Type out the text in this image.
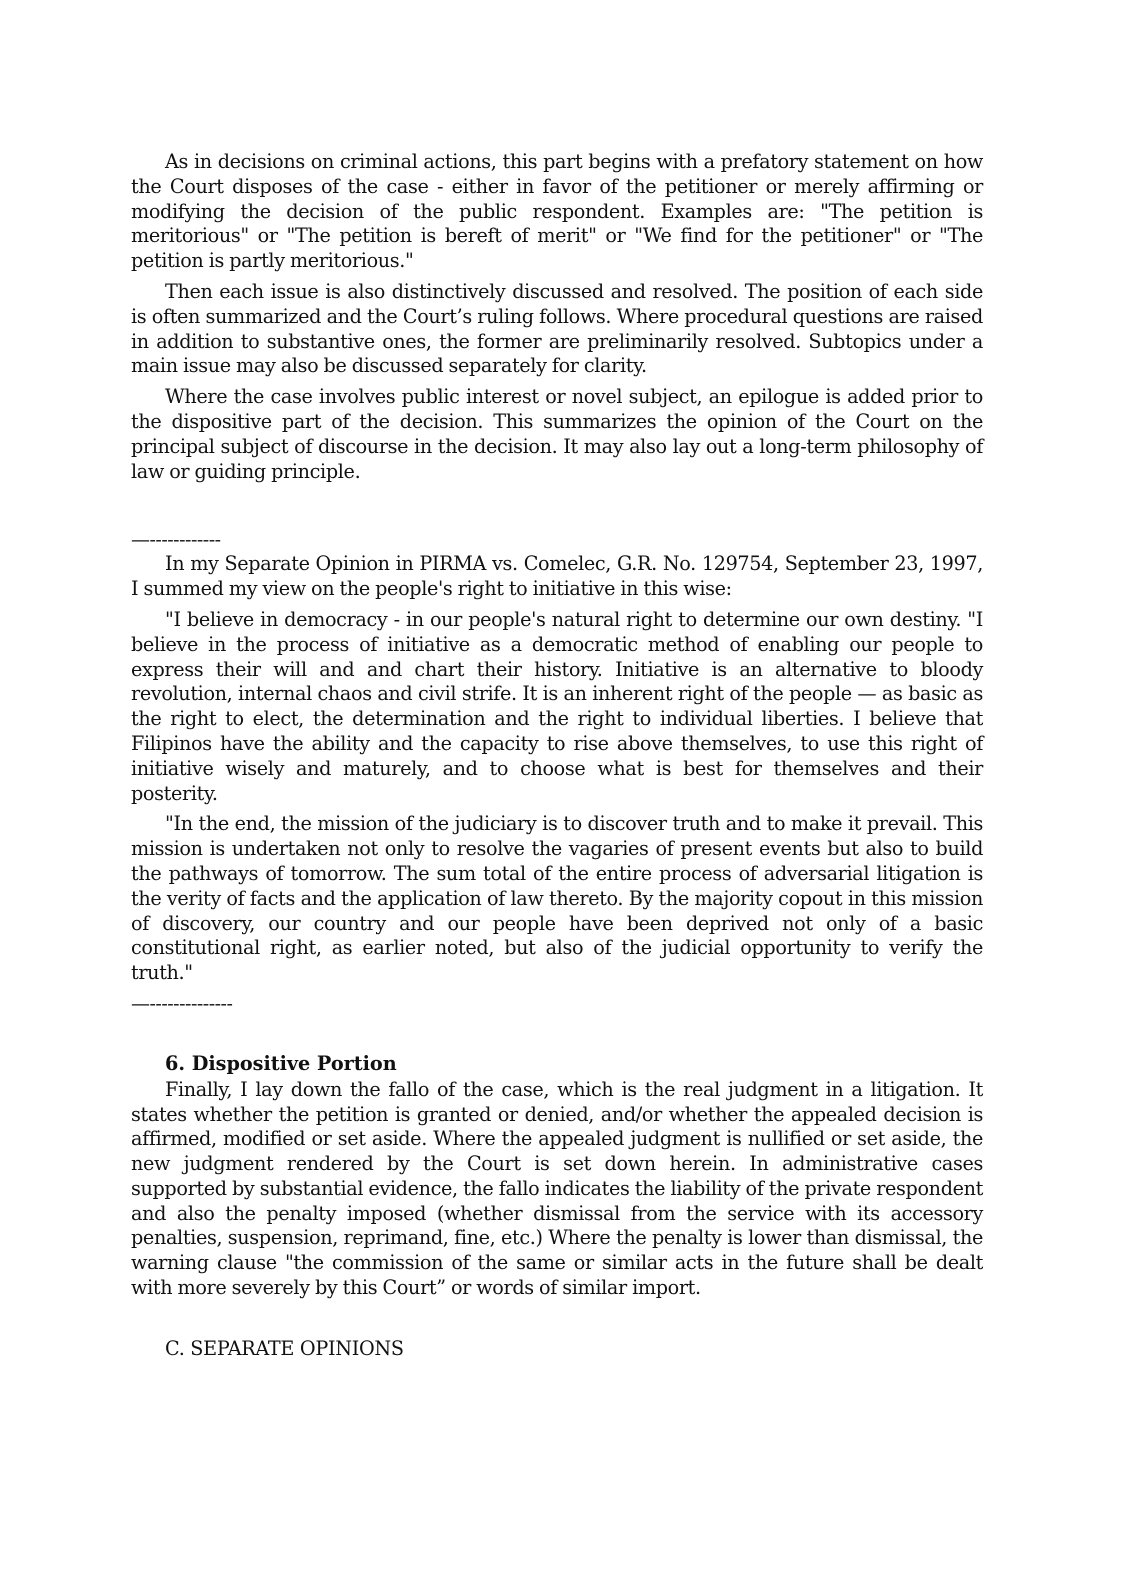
As in decisions on criminal actions, this part begins with a prefatory statement on how the Court disposes of the case - either in favor of the petitioner or merely affirming or modifying the decision of the public respondent. Examples are: "The petition is meritorious" or "The petition is bereft of merit" or "We find for the petitioner" or "The petition is partly meritorious."

Then each issue is also distinctively discussed and resolved. The position of each side is often summarized and the Court’s ruling follows. Where procedural questions are raised in addition to substantive ones, the former are preliminarily resolved. Subtopics under a main issue may also be discussed separately for clarity.

Where the case involves public interest or novel subject, an epilogue is added prior to the dispositive part of the decision. This summarizes the opinion of the Court on the principal subject of discourse in the decision. It may also lay out a long-term philosophy of law or guiding principle.

—------------

In my Separate Opinion in PIRMA vs. Comelec, G.R. No. 129754, September 23, 1997, I summed my view on the people's right to initiative in this wise:

"I believe in democracy - in our people's natural right to determine our own destiny. "I believe in the process of initiative as a democratic method of enabling our people to express their will and and chart their history. Initiative is an alternative to bloody revolution, internal chaos and civil strife. It is an inherent right of the people — as basic as the right to elect, the determination and the right to individual liberties. I believe that Filipinos have the ability and the capacity to rise above themselves, to use this right of initiative wisely and maturely, and to choose what is best for themselves and their posterity.

"In the end, the mission of the judiciary is to discover truth and to make it prevail. This mission is undertaken not only to resolve the vagaries of present events but also to build the pathways of tomorrow. The sum total of the entire process of adversarial litigation is the verity of facts and the application of law thereto. By the majority copout in this mission of discovery, our country and our people have been deprived not only of a basic constitutional right, as earlier noted, but also of the judicial opportunity to verify the truth."

—--------------
6. Dispositive Portion

Finally, I lay down the fallo of the case, which is the real judgment in a litigation. It states whether the petition is granted or denied, and/or whether the appealed decision is affirmed, modified or set aside. Where the appealed judgment is nullified or set aside, the new judgment rendered by the Court is set down herein. In administrative cases supported by substantial evidence, the fallo indicates the liability of the private respondent and also the penalty imposed (whether dismissal from the service with its accessory penalties, suspension, reprimand, fine, etc.) Where the penalty is lower than dismissal, the warning clause "the commission of the same or similar acts in the future shall be dealt with more severely by this Court” or words of similar import.

C. SEPARATE OPINIONS
